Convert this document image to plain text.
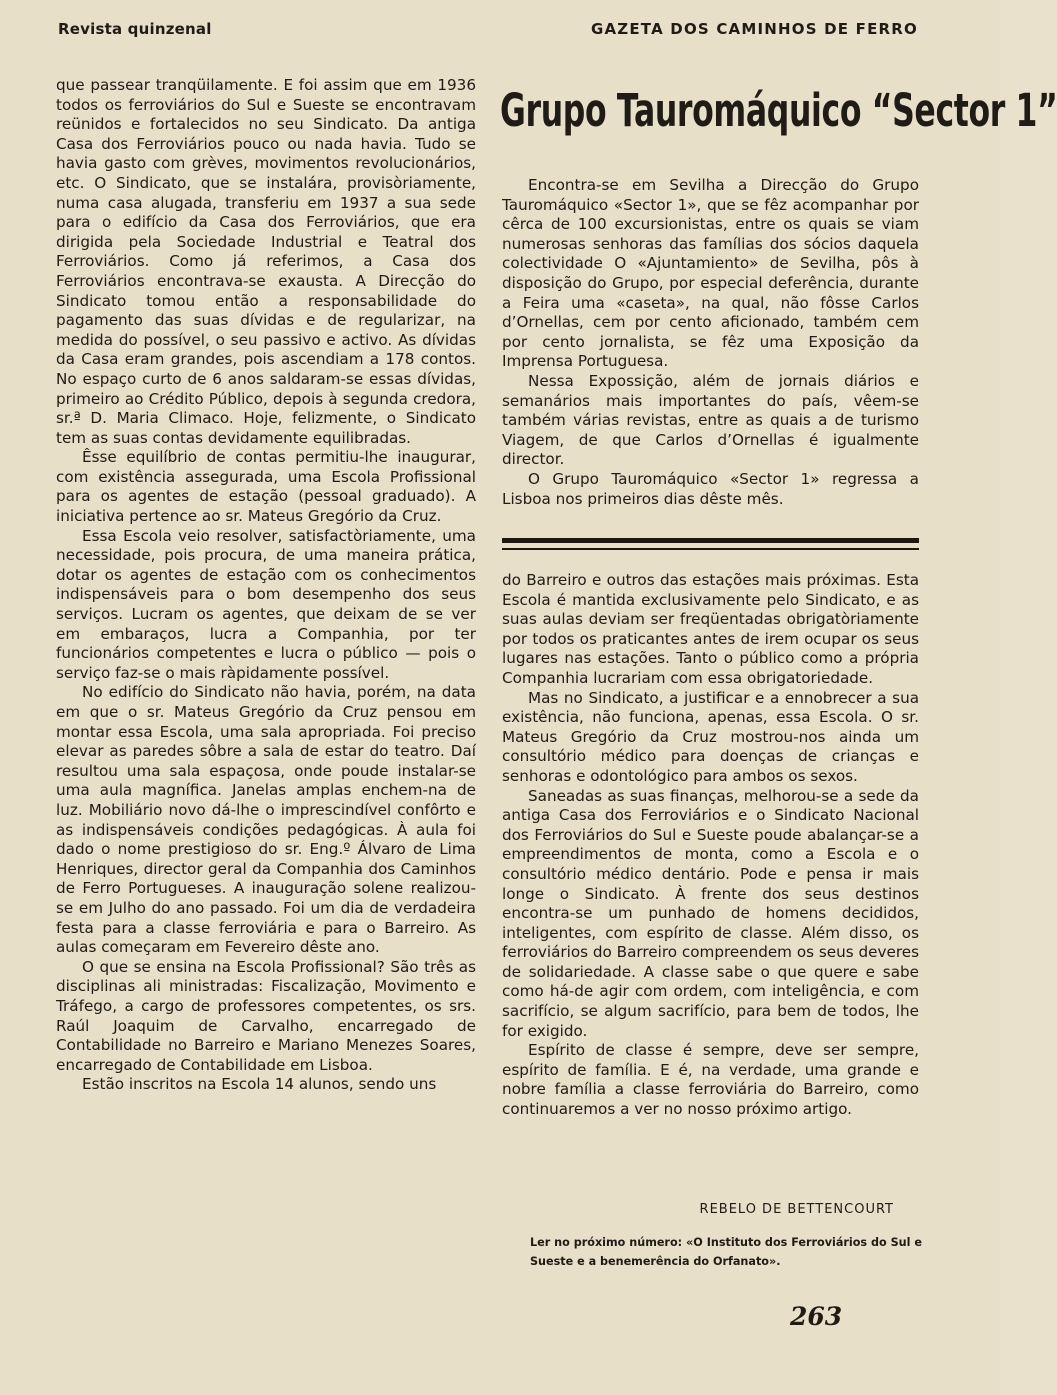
Revista quinzenal	GAZETA DOS CAMINHOS DE FERRO

que passear tranqüilamente. E foi assim que em 1936 todos os ferroviários do Sul e Sueste se encontravam reünidos e fortalecidos no seu Sindicato. Da antiga Casa dos Ferroviários pouco ou nada havia. Tudo se havia gasto com grèves, movimentos revolucionários, etc. O Sindicato, que se instalára, provisòriamente, numa casa alugada, transferiu em 1937 a sua sede para o edifício da Casa dos Ferroviários, que era dirigida pela Sociedade Industrial e Teatral dos Ferroviários. Como já referimos, a Casa dos Ferroviários encontrava-se exausta. A Direcção do Sindicato tomou então a responsabilidade do pagamento das suas dívidas e de regularizar, na medida do possível, o seu passivo e activo. As dívidas da Casa eram grandes, pois ascendiam a 178 contos. No espaço curto de 6 anos saldaram-se essas dívidas, primeiro ao Crédito Público, depois à segunda credora, sr.ª D. Maria Climaco. Hoje, felizmente, o Sindicato tem as suas contas devidamente equilibradas.

Êsse equilíbrio de contas permitiu-lhe inaugurar, com existência assegurada, uma Escola Profissional para os agentes de estação (pessoal graduado). A iniciativa pertence ao sr. Mateus Gregório da Cruz.

Essa Escola veio resolver, satisfactòriamente, uma necessidade, pois procura, de uma maneira prática, dotar os agentes de estação com os conhecimentos indispensáveis para o bom desempenho dos seus serviços. Lucram os agentes, que deixam de se ver em embaraços, lucra a Companhia, por ter funcionários competentes e lucra o público — pois o serviço faz-se o mais ràpidamente possível.

No edifício do Sindicato não havia, porém, na data em que o sr. Mateus Gregório da Cruz pensou em montar essa Escola, uma sala apropriada. Foi preciso elevar as paredes sôbre a sala de estar do teatro. Daí resultou uma sala espaçosa, onde poude instalar-se uma aula magnífica. Janelas amplas enchem-na de luz. Mobiliário novo dá-lhe o imprescindível confôrto e as indispensáveis condições pedagógicas. À aula foi dado o nome prestigioso do sr. Eng.º Álvaro de Lima Henriques, director geral da Companhia dos Caminhos de Ferro Portugueses. A inauguração solene realizou-se em Julho do ano passado. Foi um dia de verdadeira festa para a classe ferroviária e para o Barreiro. As aulas começaram em Fevereiro dêste ano.

O que se ensina na Escola Profissional? São três as disciplinas ali ministradas: Fiscalização, Movimento e Tráfego, a cargo de professores competentes, os srs. Raúl Joaquim de Carvalho, encarregado de Contabilidade no Barreiro e Mariano Menezes Soares, encarregado de Contabilidade em Lisboa.

Estão inscritos na Escola 14 alunos, sendo uns

Grupo Tauromáquico “Sector 1”

Encontra-se em Sevilha a Direcção do Grupo Tauromáquico «Sector 1», que se fêz acompanhar por cêrca de 100 excursionistas, entre os quais se viam numerosas senhoras das famílias dos sócios daquela colectividade O «Ajuntamiento» de Sevilha, pôs à disposição do Grupo, por especial deferência, durante a Feira uma «caseta», na qual, não fôsse Carlos d’Ornellas, cem por cento aficionado, também cem por cento jornalista, se fêz uma Exposição da Imprensa Portuguesa.

Nessa Expossição, além de jornais diários e semanários mais importantes do país, vêem-se também várias revistas, entre as quais a de turismo Viagem, de que Carlos d’Ornellas é igualmente director.

O Grupo Tauromáquico «Sector 1» regressa a Lisboa nos primeiros dias dêste mês.

do Barreiro e outros das estações mais próximas. Esta Escola é mantida exclusivamente pelo Sindicato, e as suas aulas deviam ser freqüentadas obrigatòriamente por todos os praticantes antes de irem ocupar os seus lugares nas estações. Tanto o público como a própria Companhia lucrariam com essa obrigatoriedade.

Mas no Sindicato, a justificar e a ennobrecer a sua existência, não funciona, apenas, essa Escola. O sr. Mateus Gregório da Cruz mostrou-nos ainda um consultório médico para doenças de crianças e senhoras e odontológico para ambos os sexos.

Saneadas as suas finanças, melhorou-se a sede da antiga Casa dos Ferroviários e o Sindicato Nacional dos Ferroviários do Sul e Sueste poude abalançar-se a empreendimentos de monta, como a Escola e o consultório médico dentário. Pode e pensa ir mais longe o Sindicato. À frente dos seus destinos encontra-se um punhado de homens decididos, inteligentes, com espírito de classe. Além disso, os ferroviários do Barreiro compreendem os seus deveres de solidariedade. A classe sabe o que quere e sabe como há-de agir com ordem, com inteligência, e com sacrifício, se algum sacrifício, para bem de todos, lhe for exigido.

Espírito de classe é sempre, deve ser sempre, espírito de família. E é, na verdade, uma grande e nobre família a classe ferroviária do Barreiro, como continuaremos a ver no nosso próximo artigo.

REBELO DE BETTENCOURT
Ler no próximo número: «O Instituto dos Ferroviários do Sul e Sueste e a benemerência do Orfanato».
263
